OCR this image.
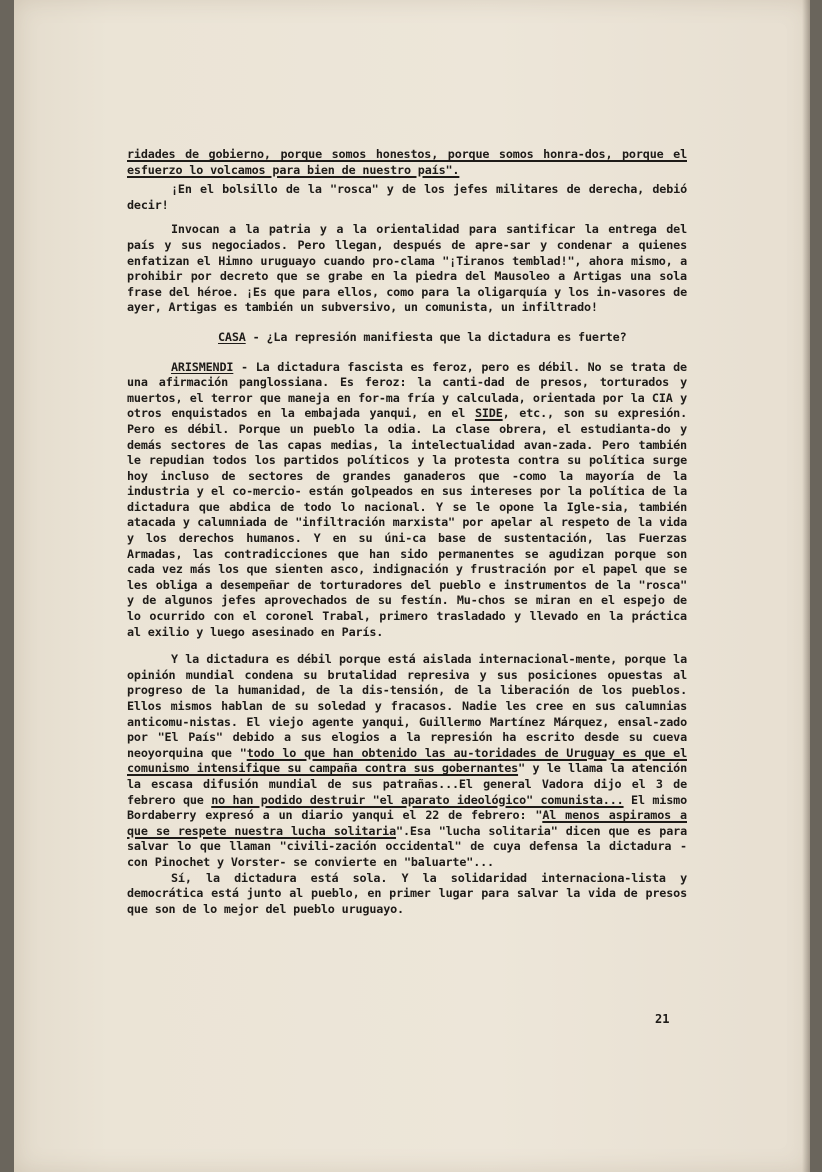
ridades de gobierno, porque somos honestos, porque somos honra-dos, porque el esfuerzo lo volcamos para bien de nuestro país".

¡En el bolsillo de la "rosca" y de los jefes militares de derecha, debió decir!

Invocan a la patria y a la orientalidad para santificar la entrega del país y sus negociados. Pero llegan, después de apre-sar y condenar a quienes enfatizan el Himno uruguayo cuando pro-clama "¡Tiranos temblad!", ahora mismo, a prohibir por decreto que se grabe en la piedra del Mausoleo a Artigas una sola frase del héroe. ¡Es que para ellos, como para la oligarquía y los in-vasores de ayer, Artigas es también un subversivo, un comunista, un infiltrado!

CASA - ¿La represión manifiesta que la dictadura es fuerte?

ARISMENDI - La dictadura fascista es feroz, pero es débil. No se trata de una afirmación panglossiana. Es feroz: la canti-dad de presos, torturados y muertos, el terror que maneja en for-ma fría y calculada, orientada por la CIA y otros enquistados en la embajada yanqui, en el SIDE, etc., son su expresión. Pero es débil. Porque un pueblo la odia. La clase obrera, el estudianta-do y demás sectores de las capas medias, la intelectualidad avan-zada. Pero también le repudian todos los partidos políticos y la protesta contra su política surge hoy incluso de sectores de grandes ganaderos que -como la mayoría de la industria y el co-mercio- están golpeados en sus intereses por la política de la dictadura que abdica de todo lo nacional. Y se le opone la Igle-sia, también atacada y calumniada de "infiltración marxista" por apelar al respeto de la vida y los derechos humanos. Y en su úni-ca base de sustentación, las Fuerzas Armadas, las contradicciones que han sido permanentes se agudizan porque son cada vez más los que sienten asco, indignación y frustración por el papel que se les obliga a desempeñar de torturadores del pueblo e instrumentos de la "rosca" y de algunos jefes aprovechados de su festín. Mu-chos se miran en el espejo de lo ocurrido con el coronel Trabal, primero trasladado y llevado en la práctica al exilio y luego asesinado en París.

Y la dictadura es débil porque está aislada internacional-mente, porque la opinión mundial condena su brutalidad represiva y sus posiciones opuestas al progreso de la humanidad, de la dis-tensión, de la liberación de los pueblos. Ellos mismos hablan de su soledad y fracasos. Nadie les cree en sus calumnias anticomu-nistas. El viejo agente yanqui, Guillermo Martínez Márquez, ensal-zado por "El País" debido a sus elogios a la represión ha escrito desde su cueva neoyorquina que "todo lo que han obtenido las au-toridades de Uruguay es que el comunismo intensifique su campaña contra sus gobernantes" y le llama la atención la escasa difusión mundial de sus patrañas...El general Vadora dijo el 3 de febrero que no han podido destruir "el aparato ideológico" comunista... El mismo Bordaberry expresó a un diario yanqui el 22 de febrero: "Al menos aspiramos a que se respete nuestra lucha solitaria".Esa "lucha solitaria" dicen que es para salvar lo que llaman "civili-zación occidental" de cuya defensa la dictadura -con Pinochet y Vorster- se convierte en "baluarte"...

Sí, la dictadura está sola. Y la solidaridad internaciona-lista y democrática está junto al pueblo, en primer lugar para salvar la vida de presos que son de lo mejor del pueblo uruguayo.

21
